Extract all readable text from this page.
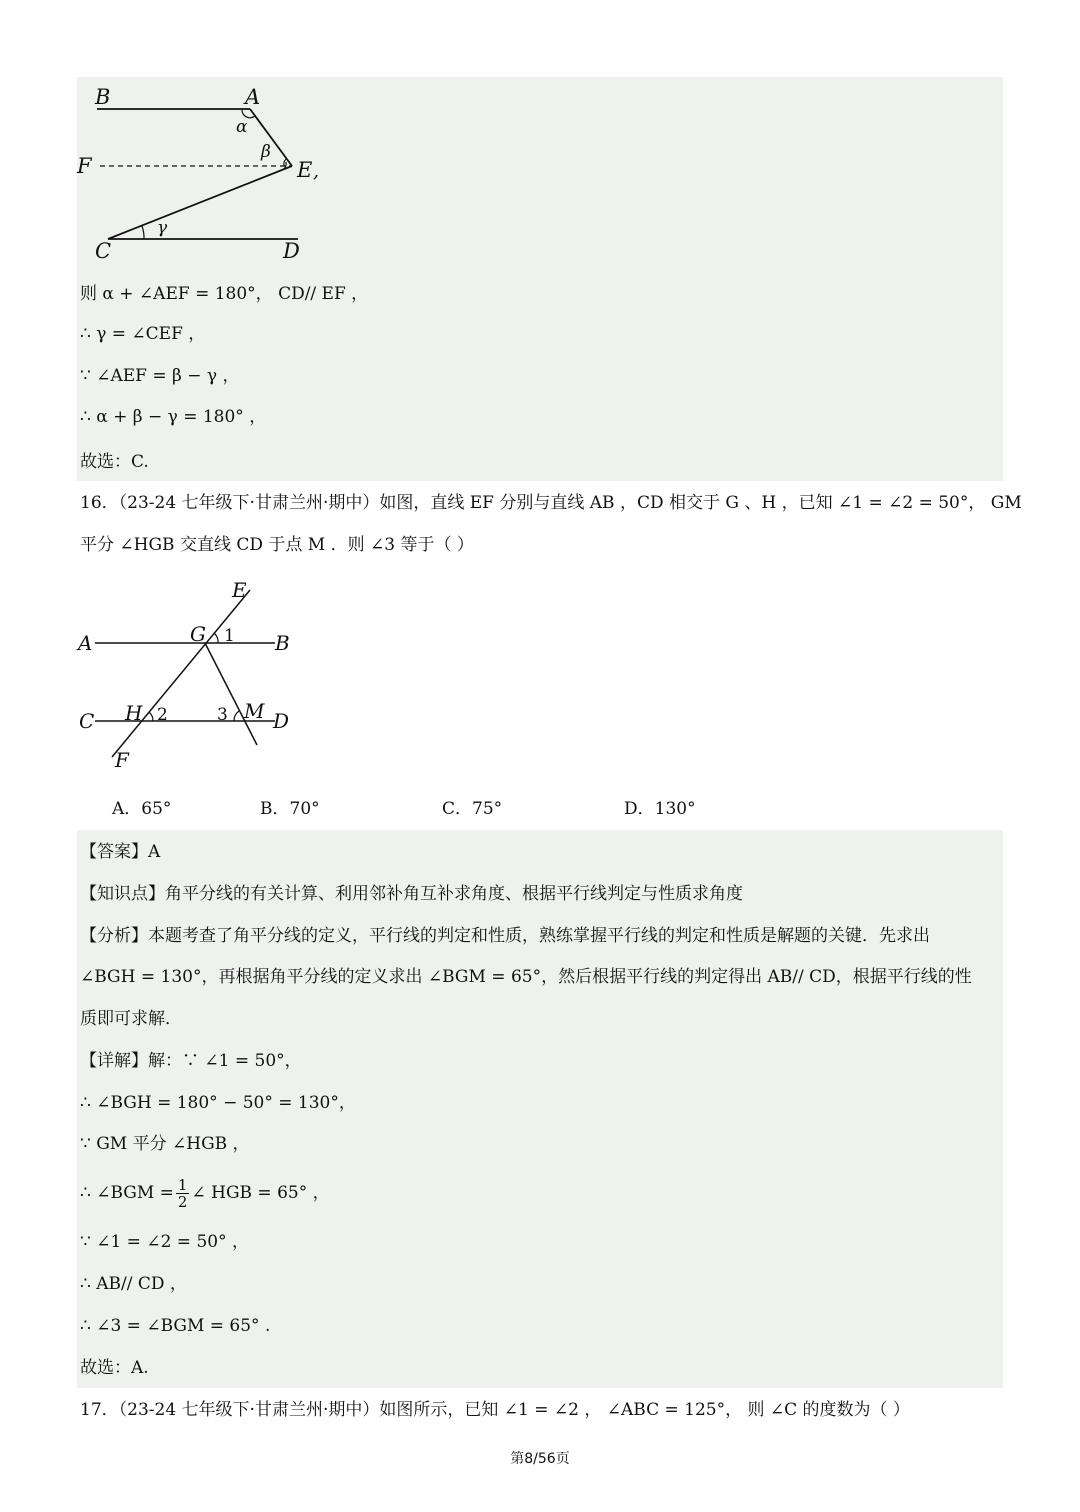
B	A
α
β
F	E ,
γ
C	D
则 α + ∠AEF = 180°， CD// EF ，
∴ γ = ∠CEF ，
∵ ∠AEF = β − γ ，
∴ α + β − γ = 180° ，
故选：C.
16．（23-24 七年级下·甘肃兰州·期中）如图，直线 EF 分别与直线 AB ，CD 相交于 G 、H ，已知 ∠1 = ∠2 = 50°， GM
平分 ∠HGB 交直线 CD 于点 M ．则 ∠3 等于（ ）
E
A	G 1 B
C H 2	3 M D
F
A．65°	B．70°	C．75°	D．130°
【答案】A
【知识点】角平分线的有关计算、利用邻补角互补求角度、根据平行线判定与性质求角度
【分析】本题考查了角平分线的定义，平行线的判定和性质，熟练掌握平行线的判定和性质是解题的关键．先求出
∠BGH = 130°，再根据角平分线的定义求出 ∠BGM = 65°，然后根据平行线的判定得出 AB// CD，根据平行线的性
质即可求解．
【详解】解：∵ ∠1 = 50°，
∴ ∠BGH = 180° − 50° = 130°，
∵ GM 平分 ∠HGB ，
∴ ∠BGM = $\frac{1}{2}$ ∠ HGB = 65° ，
∵ ∠1 = ∠2 = 50° ，
∴ AB// CD ，
∴ ∠3 = ∠BGM = 65° .
故选：A.
17．（23-24 七年级下·甘肃兰州·期中）如图所示，已知 ∠1 = ∠2 ， ∠ABC = 125°， 则 ∠C 的度数为（ ）
第8/56页
